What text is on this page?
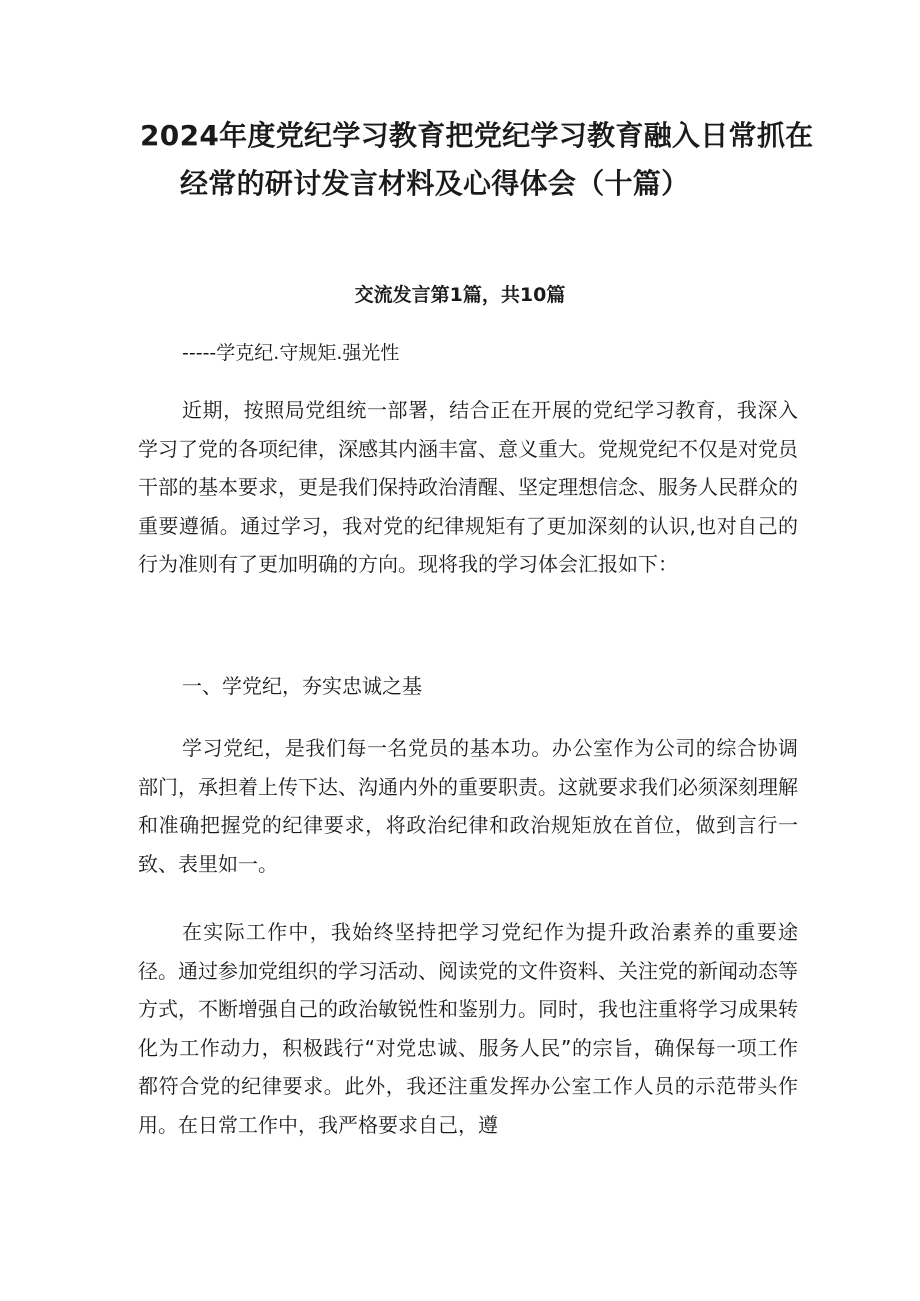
2024年度党纪学习教育把党纪学习教育融入日常抓在
经常的研讨发言材料及心得体会（十篇）
交流发言第1篇，共10篇

-----学克纪.守规矩.强光性

近期，按照局党组统一部署，结合正在开展的党纪学习教育，我深入学习了党的各项纪律，深感其内涵丰富、意义重大。党规党纪不仅是对党员干部的基本要求，更是我们保持政治清醒、坚定理想信念、服务人民群众的重要遵循。通过学习，我对党的纪律规矩有了更加深刻的认识,也对自己的行为准则有了更加明确的方向。现将我的学习体会汇报如下：

一、学党纪，夯实忠诚之基

学习党纪，是我们每一名党员的基本功。办公室作为公司的综合协调部门，承担着上传下达、沟通内外的重要职责。这就要求我们必须深刻理解和准确把握党的纪律要求，将政治纪律和政治规矩放在首位，做到言行一致、表里如一。

在实际工作中，我始终坚持把学习党纪作为提升政治素养的重要途径。通过参加党组织的学习活动、阅读党的文件资料、关注党的新闻动态等方式，不断增强自己的政治敏锐性和鉴别力。同时，我也注重将学习成果转化为工作动力，积极践行“对党忠诚、服务人民”的宗旨，确保每一项工作都符合党的纪律要求。此外，我还注重发挥办公室工作人员的示范带头作用。在日常工作中，我严格要求自己，遵
